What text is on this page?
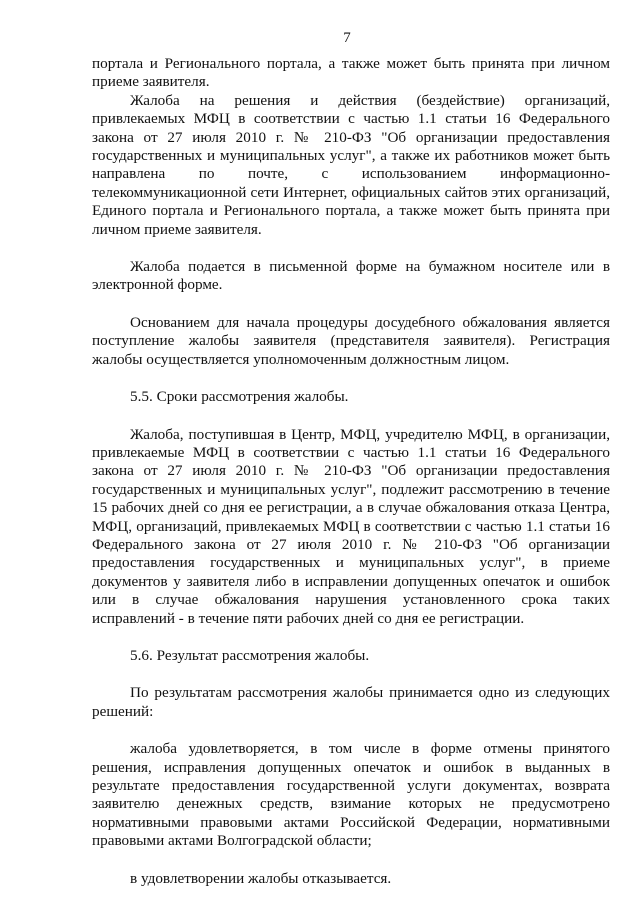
7

портала и Регионального портала, а также может быть принята при личном приеме заявителя.

Жалоба на решения и действия (бездействие) организаций, привлекаемых МФЦ в соответствии с частью 1.1 статьи 16 Федерального закона от 27 июля 2010 г. № 210-ФЗ "Об организации предоставления государственных и муниципальных услуг", а также их работников может быть направлена по почте, с использованием информационно-телекоммуникационной сети Интернет, официальных сайтов этих организаций, Единого портала и Регионального портала, а также может быть принята при личном приеме заявителя.

Жалоба подается в письменной форме на бумажном носителе или в электронной форме.

Основанием для начала процедуры досудебного обжалования является поступление жалобы заявителя (представителя заявителя). Регистрация жалобы осуществляется уполномоченным должностным лицом.

5.5. Сроки рассмотрения жалобы.

Жалоба, поступившая в Центр, МФЦ, учредителю МФЦ, в организации, привлекаемые МФЦ в соответствии с частью 1.1 статьи 16 Федерального закона от 27 июля 2010 г. № 210-ФЗ "Об организации предоставления государственных и муниципальных услуг", подлежит рассмотрению в течение 15 рабочих дней со дня ее регистрации, а в случае обжалования отказа Центра, МФЦ, организаций, привлекаемых МФЦ в соответствии с частью 1.1 статьи 16 Федерального закона от 27 июля 2010 г. № 210-ФЗ "Об организации предоставления государственных и муниципальных услуг", в приеме документов у заявителя либо в исправлении допущенных опечаток и ошибок или в случае обжалования нарушения установленного срока таких исправлений - в течение пяти рабочих дней со дня ее регистрации.

5.6. Результат рассмотрения жалобы.

По результатам рассмотрения жалобы принимается одно из следующих решений:

жалоба удовлетворяется, в том числе в форме отмены принятого решения, исправления допущенных опечаток и ошибок в выданных в результате предоставления государственной услуги документах, возврата заявителю денежных средств, взимание которых не предусмотрено нормативными правовыми актами Российской Федерации, нормативными правовыми актами Волгоградской области;

в удовлетворении жалобы отказывается.
